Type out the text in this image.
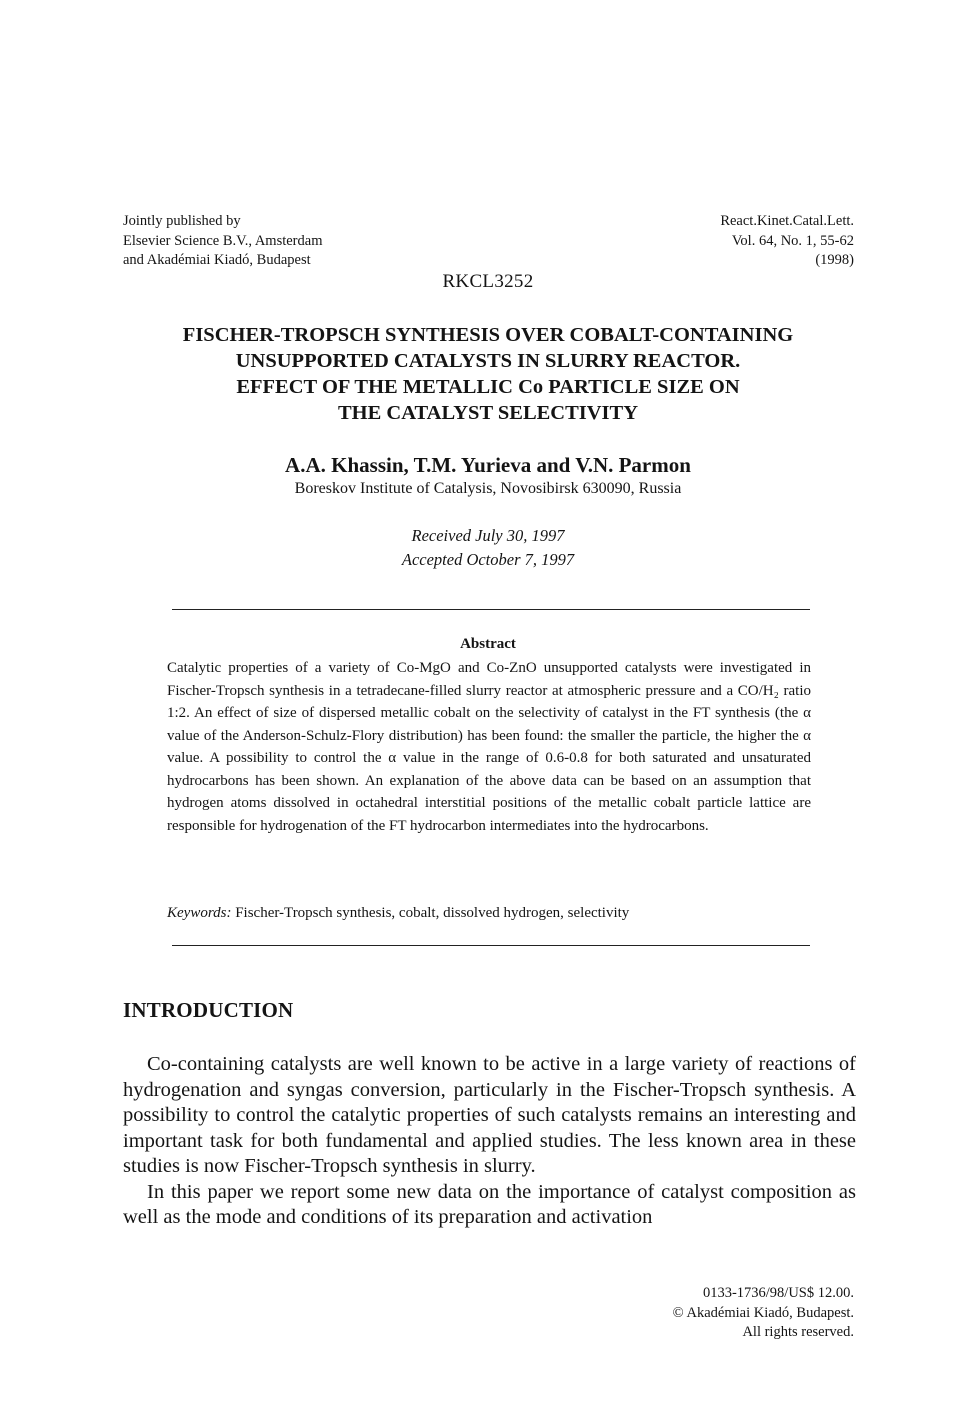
Jointly published by
Elsevier Science B.V., Amsterdam
and Akadémiai Kiadó, Budapest
React.Kinet.Catal.Lett.
Vol. 64, No. 1, 55-62
(1998)
RKCL3252
FISCHER-TROPSCH SYNTHESIS OVER COBALT-CONTAINING
UNSUPPORTED CATALYSTS IN SLURRY REACTOR.
EFFECT OF THE METALLIC Co PARTICLE SIZE ON
THE CATALYST SELECTIVITY
A.A. Khassin, T.M. Yurieva and V.N. Parmon
Boreskov Institute of Catalysis, Novosibirsk 630090, Russia
Received July 30, 1997
Accepted October 7, 1997
Abstract
Catalytic properties of a variety of Co-MgO and Co-ZnO unsupported catalysts were investigated in Fischer-Tropsch synthesis in a tetradecane-filled slurry reactor at atmospheric pressure and a CO/H₂ ratio 1:2. An effect of size of dispersed metallic cobalt on the selectivity of catalyst in the FT synthesis (the α value of the Anderson-Schulz-Flory distribution) has been found: the smaller the particle, the higher the α value. A possibility to control the α value in the range of 0.6-0.8 for both saturated and unsaturated hydrocarbons has been shown. An explanation of the above data can be based on an assumption that hydrogen atoms dissolved in octahedral interstitial positions of the metallic cobalt particle lattice are responsible for hydrogenation of the FT hydrocarbon intermediates into the hydrocarbons.
Keywords: Fischer-Tropsch synthesis, cobalt, dissolved hydrogen, selectivity
INTRODUCTION

Co-containing catalysts are well known to be active in a large variety of reactions of hydrogenation and syngas conversion, particularly in the Fischer-Tropsch synthesis. A possibility to control the catalytic properties of such catalysts remains an interesting and important task for both fundamental and applied studies. The less known area in these studies is now Fischer-Tropsch synthesis in slurry.

In this paper we report some new data on the importance of catalyst composition as well as the mode and conditions of its preparation and activation

0133-1736/98/US$ 12.00.
© Akadémiai Kiadó, Budapest.
All rights reserved.
